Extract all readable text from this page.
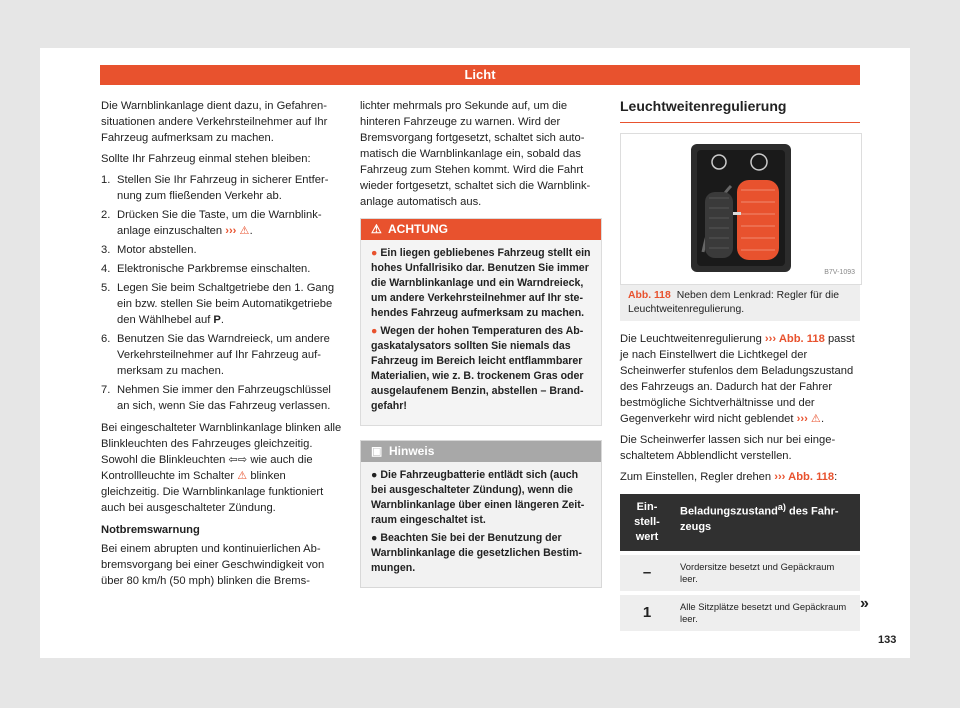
Licht

Die Warnblinkanlage dient dazu, in Gefahrensituationen andere Verkehrsteilnehmer auf Ihr Fahrzeug aufmerksam zu machen.

Sollte Ihr Fahrzeug einmal stehen bleiben:

1. Stellen Sie Ihr Fahrzeug in sicherer Entfernung zum fließenden Verkehr ab.
2. Drücken Sie die Taste, um die Warnblinkanlage einzuschalten ››› ⚠.
3. Motor abstellen.
4. Elektronische Parkbremse einschalten.
5. Legen Sie beim Schaltgetriebe den 1. Gang ein bzw. stellen Sie beim Automatikgetriebe den Wählhebel auf P.
6. Benutzen Sie das Warndreieck, um andere Verkehrsteilnehmer auf Ihr Fahrzeug aufmerksam zu machen.
7. Nehmen Sie immer den Fahrzeugschlüssel an sich, wenn Sie das Fahrzeug verlassen.

Bei eingeschalteter Warnblinkanlage blinken alle Blinkleuchten des Fahrzeuges gleichzeitig. Sowohl die Blinkleuchten ⇦⇨ wie auch die Kontrollleuchte im Schalter ⚠ blinken gleichzeitig. Die Warnblinkanlage funktioniert auch bei ausgeschalteter Zündung.

Notbremswarnung

Bei einem abrupten und kontinuierlichen Abbremsvorgang bei einer Geschwindigkeit von über 80 km/h (50 mph) blinken die Brems-

lichter mehrmals pro Sekunde auf, um die hinteren Fahrzeuge zu warnen. Wird der Bremsvorgang fortgesetzt, schaltet sich automatisch die Warnblinkanlage ein, sobald das Fahrzeug zum Stehen kommt. Wird die Fahrt wieder fortgesetzt, schaltet sich die Warnblinkanlage automatisch aus.

⚠ ACHTUNG
● Ein liegen gebliebenes Fahrzeug stellt ein hohes Unfallrisiko dar. Benutzen Sie immer die Warnblinkanlage und ein Warndreieck, um andere Verkehrsteilnehmer auf Ihr stehendes Fahrzeug aufmerksam zu machen.
● Wegen der hohen Temperaturen des Abgaskatalysators sollten Sie niemals das Fahrzeug im Bereich leicht entflammbarer Materialien, wie z. B. trockenem Gras oder ausgelaufenem Benzin, abstellen – Brandgefahr!
▣ Hinweis
● Die Fahrzeugbatterie entlädt sich (auch bei ausgeschalteter Zündung), wenn die Warnblinkanlage über einen längeren Zeitraum eingeschaltet ist.
● Beachten Sie bei der Benutzung der Warnblinkanlage die gesetzlichen Bestimmungen.
Leuchtweitenregulierung
B7V-1093
Abb. 118 Neben dem Lenkrad: Regler für die Leuchtweitenregulierung.

Die Leuchtweitenregulierung ››› Abb. 118 passt je nach Einstellwert die Lichtkegel der Scheinwerfer stufenlos dem Beladungszustand des Fahrzeugs an. Dadurch hat der Fahrer bestmögliche Sichtverhältnisse und der Gegenverkehr wird nicht geblendet ››› ⚠.

Die Scheinwerfer lassen sich nur bei eingeschaltetem Abblendlicht verstellen.

Zum Einstellen, Regler drehen ››› Abb. 118:

Einstellwert	Beladungszustand$^{a)}$ des Fahrzeugs
–	Vordersitze besetzt und Gepäckraum leer.
1	Alle Sitzplätze besetzt und Gepäckraum leer.
»
133
